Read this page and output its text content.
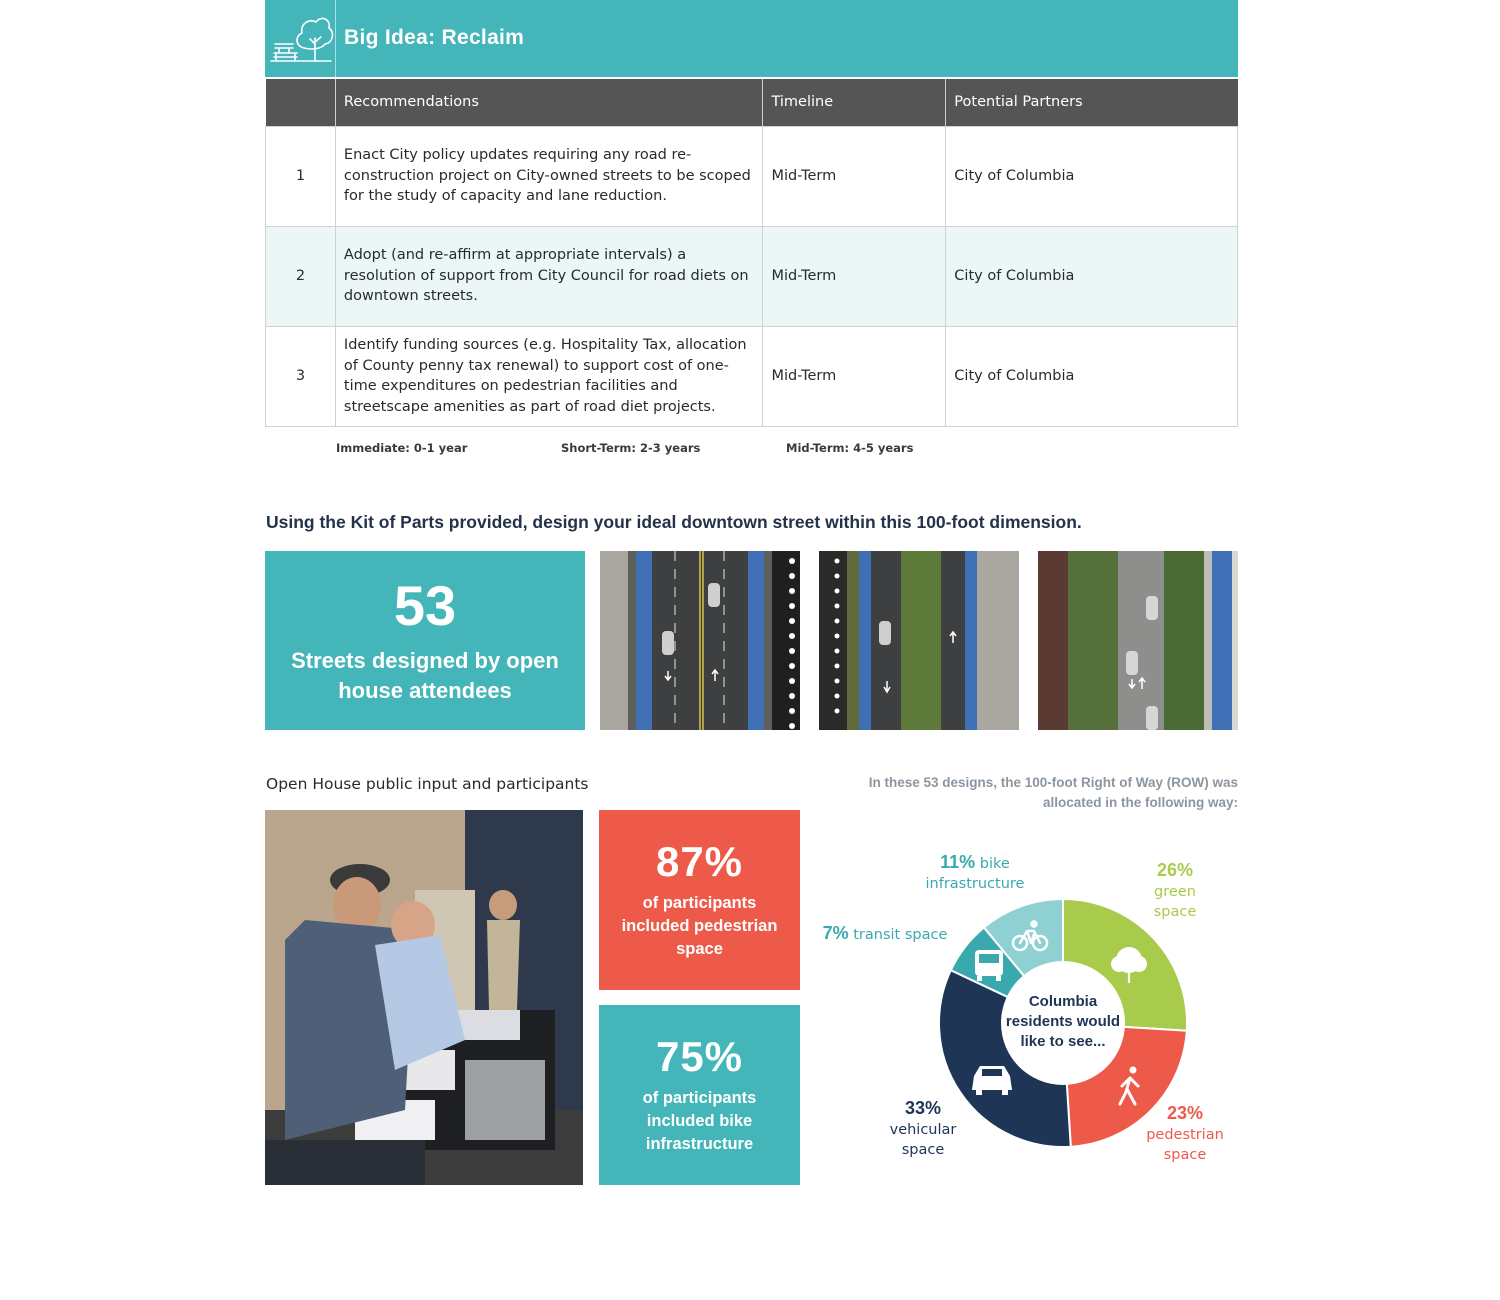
Big Idea: Reclaim
	Recommendations	Timeline	Potential Partners
1	Enact City policy updates requiring any road re-construction project on City-owned streets to be scoped for the study of capacity and lane reduction.	Mid-Term	City of Columbia
2	Adopt (and re-affirm at appropriate intervals) a resolution of support from City Council for road diets on downtown streets.	Mid-Term	City of Columbia
3	Identify funding sources (e.g. Hospitality Tax, allocation of County penny tax renewal) to support cost of one-time expenditures on pedestrian facilities and streetscape amenities as part of road diet projects.	Mid-Term	City of Columbia
Immediate: 0-1 year	Short-Term: 2-3 years	Mid-Term: 4-5 years
Using the Kit of Parts provided, design your ideal downtown street within this 100-foot dimension.
53
Streets designed by open house attendees
Open House public input and participants	In these 53 designs, the 100-foot Right of Way (ROW) was allocated in the following way:
87%
of participants included pedestrian space
75%
of participants included bike infrastructure
Columbia residents would like to see...
26%
green space
23%
pedestrian space
33%
vehicular space
7% transit space
11% bike
infrastructure
